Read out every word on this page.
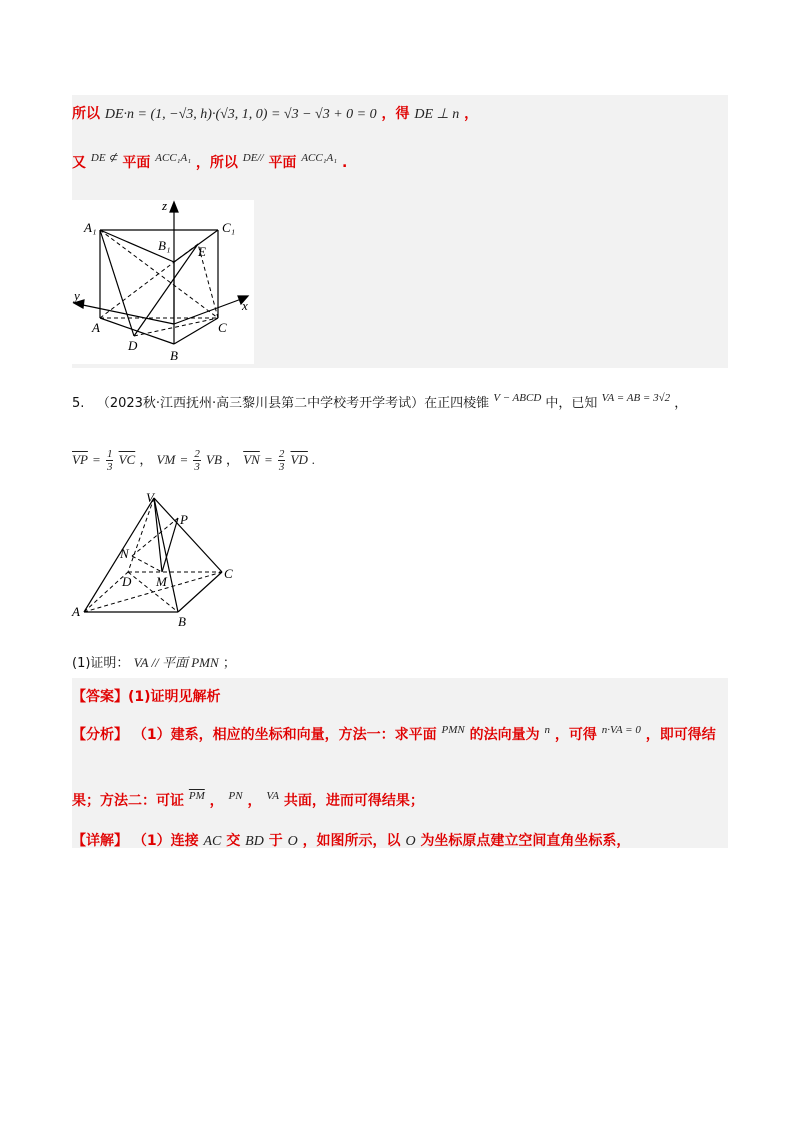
所以 DE·n = (1, −√3, h)·(√3, 1, 0) = √3 − √3 + 0 = 0 ，得 DE ⊥ n ，
又 $^{DE ⊄}$ 平面 $^{ACC_1A_1}$ ，所以 $^{DE//}$ 平面 $^{ACC_1A_1}$ .
z
A₁
B₁
C₁
E
y
x
A
D
C
B
5. （2023秋·江西抚州·高三黎川县第二中学校考开学考试）在正四棱锥 $^{V - ABCD}$ 中，已知 $^{VA = AB = 3√2}$ ，
$\overline{VP} = \frac{1}{3} \overline{VC}$ ， VM = $\frac{2}{3}$ VB ， $\overline{VN} = \frac{2}{3} \overline{VD}$ .
V
P
N
D M
C
A
B
(1)证明： VA // 平面 PMN ；
【答案】(1)证明见解析
【分析】 （1）建系，相应的坐标和向量，方法一：求平面 $^{PMN}$ 的法向量为 $^n$ ，可得 $^{n\cdot VA = 0}$ ，即可得结
果；方法二：可证 $^{\overline{PM}}$ ， $^{PN}$ ， $^{VA}$ 共面，进而可得结果；
【详解】 （1）连接 AC 交 BD 于 O ，如图所示，以 O 为坐标原点建立空间直角坐标系，
